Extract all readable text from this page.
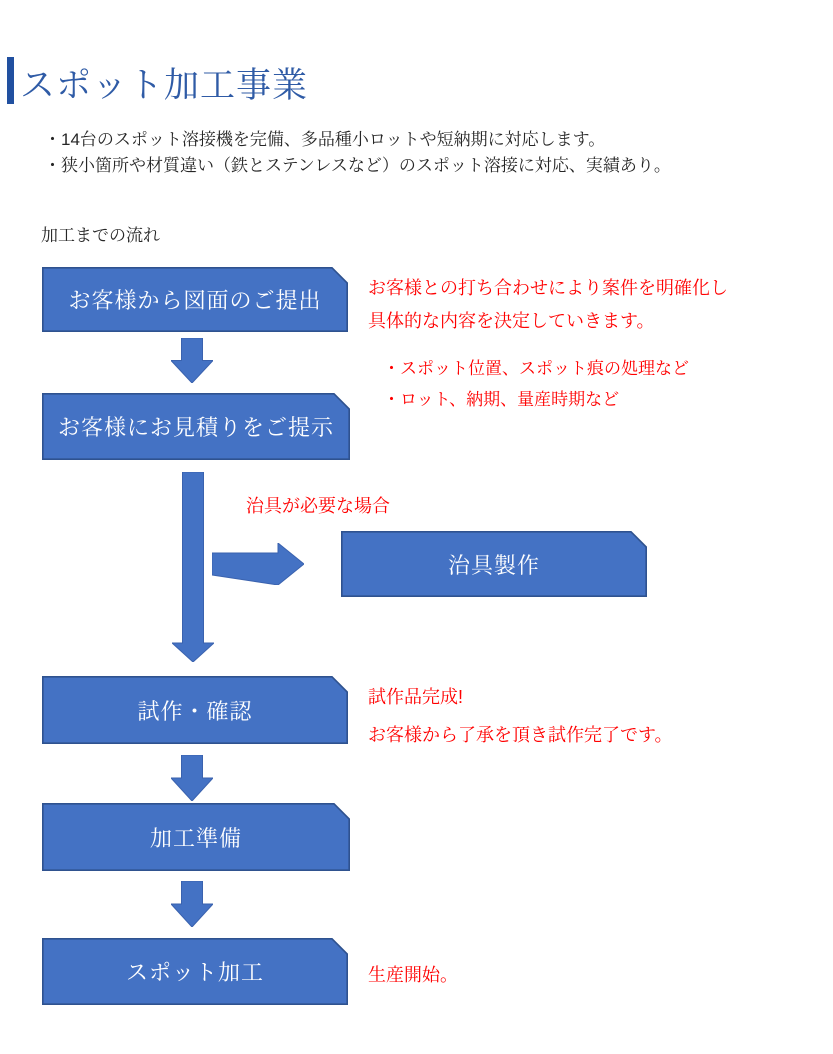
スポット加工事業
・14台のスポット溶接機を完備、多品種小ロットや短納期に対応します。
・狭小箇所や材質違い（鉄とステンレスなど）のスポット溶接に対応、実績あり。
加工までの流れ
お客様から図面のご提出	お客様との打ち合わせにより案件を明確化し
具体的な内容を決定していきます。
・スポット位置、スポット痕の処理など
・ロット、納期、量産時期など
お客様にお見積りをご提示
治具が必要な場合
治具製作
試作・確認
試作品完成!
お客様から了承を頂き試作完了です。
加工準備
スポット加工	生産開始。
